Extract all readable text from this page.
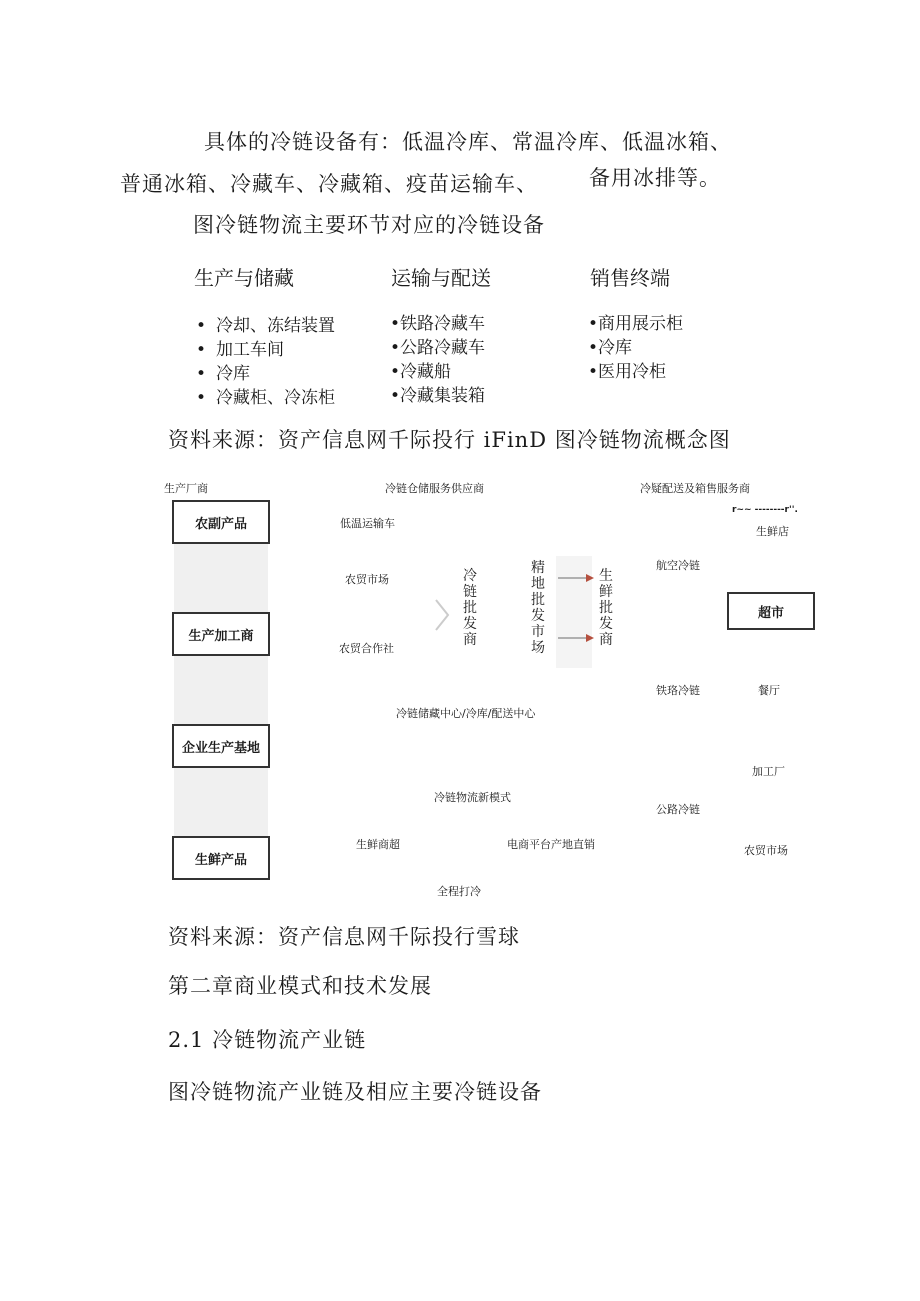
具体的冷链设备有：低温冷库、常温冷库、低温冰箱、
普通冰箱、冷藏车、冷藏箱、疫苗运输车、 备用冰排等。
图冷链物流主要环节对应的冷链设备
生产与储藏	运输与配送	销售终端
• 冷却、冻结装置
• 加工车间
• 冷库
• 冷藏柜、冷冻柜
•铁路冷藏车
•公路冷藏车
•冷藏船
•冷藏集装箱
•商用展示柜
•冷库
•医用冷柜
资料来源：资产信息网千际投行 iFinD 图冷链物流概念图
生产厂商
农副产品
生产加工商
企业生产基地
生鲜产品
冷链仓储服务供应商	冷疑配送及箱售服务商
r~~ --------r''.
低温运输车
生鲜店
农贸市场
农贸合作社
冷链批发商
精地批发市场
生鲜批发商
航空冷链
超市
铁珞冷链	餐厅
冷链储藏中心/冷库/配送中心
加工厂
冷链物流新模式
公路冷链
生鲜商超	电商平台产地直销	农贸市场
全程打冷
资料来源：资产信息网千际投行雪球
第二章商业模式和技术发展
2.1 冷链物流产业链
图冷链物流产业链及相应主要冷链设备
